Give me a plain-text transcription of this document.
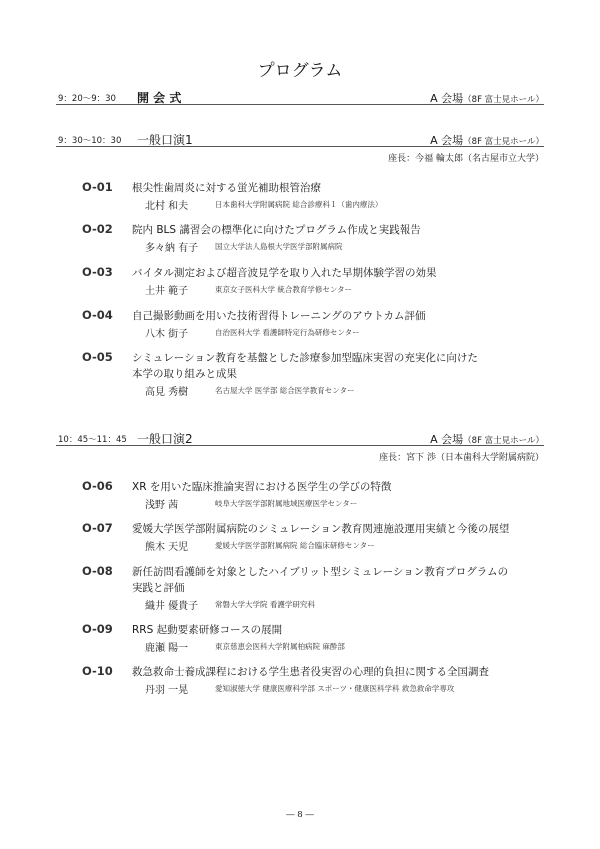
プログラム
9：20～9：30 開 会 式	A 会場（8F 富士見ホール）
9：30～10：30 一般口演1	A 会場（8F 富士見ホール）
座長：今福 輪太郎（名古屋市立大学）
O-01 根尖性歯周炎に対する蛍光補助根管治療
北村 和夫	日本歯科大学附属病院 総合診療科１（歯内療法）
O-02 院内 BLS 講習会の標準化に向けたプログラム作成と実践報告
多々納 有子 国立大学法人島根大学医学部附属病院
O-03 バイタル測定および超音波見学を取り入れた早期体験学習の効果
土井 範子	東京女子医科大学 統合教育学修センター
O-04 自己撮影動画を用いた技術習得トレーニングのアウトカム評価
八木 街子	自治医科大学 看護師特定行為研修センター
O-05 シミュレーション教育を基盤とした診療参加型臨床実習の充実化に向けた
本学の取り組みと成果
高見 秀樹	名古屋大学 医学部 総合医学教育センター
10：45～11：45 一般口演2	A 会場（8F 富士見ホール）
座長：宮下 渉（日本歯科大学附属病院）
O-06 XR を用いた臨床推論実習における医学生の学びの特徴
浅野 茜	岐阜大学医学部附属地域医療医学センター
O-07 愛媛大学医学部附属病院のシミュレーション教育関連施設運用実績と今後の展望
熊木 天児	愛媛大学医学部附属病院 総合臨床研修センター
O-08 新任訪問看護師を対象としたハイブリット型シミュレーション教育プログラムの
実践と評価
織井 優貴子 常磐大学大学院 看護学研究科
O-09 RRS 起動要素研修コースの展開
鹿瀬 陽一	東京慈恵会医科大学附属柏病院 麻酔部
O-10 救急救命士養成課程における学生患者役実習の心理的負担に関する全国調査
丹羽 一晃	愛知淑徳大学 健康医療科学部 スポーツ・健康医科学科 救急救命学専攻
― 8 ―
